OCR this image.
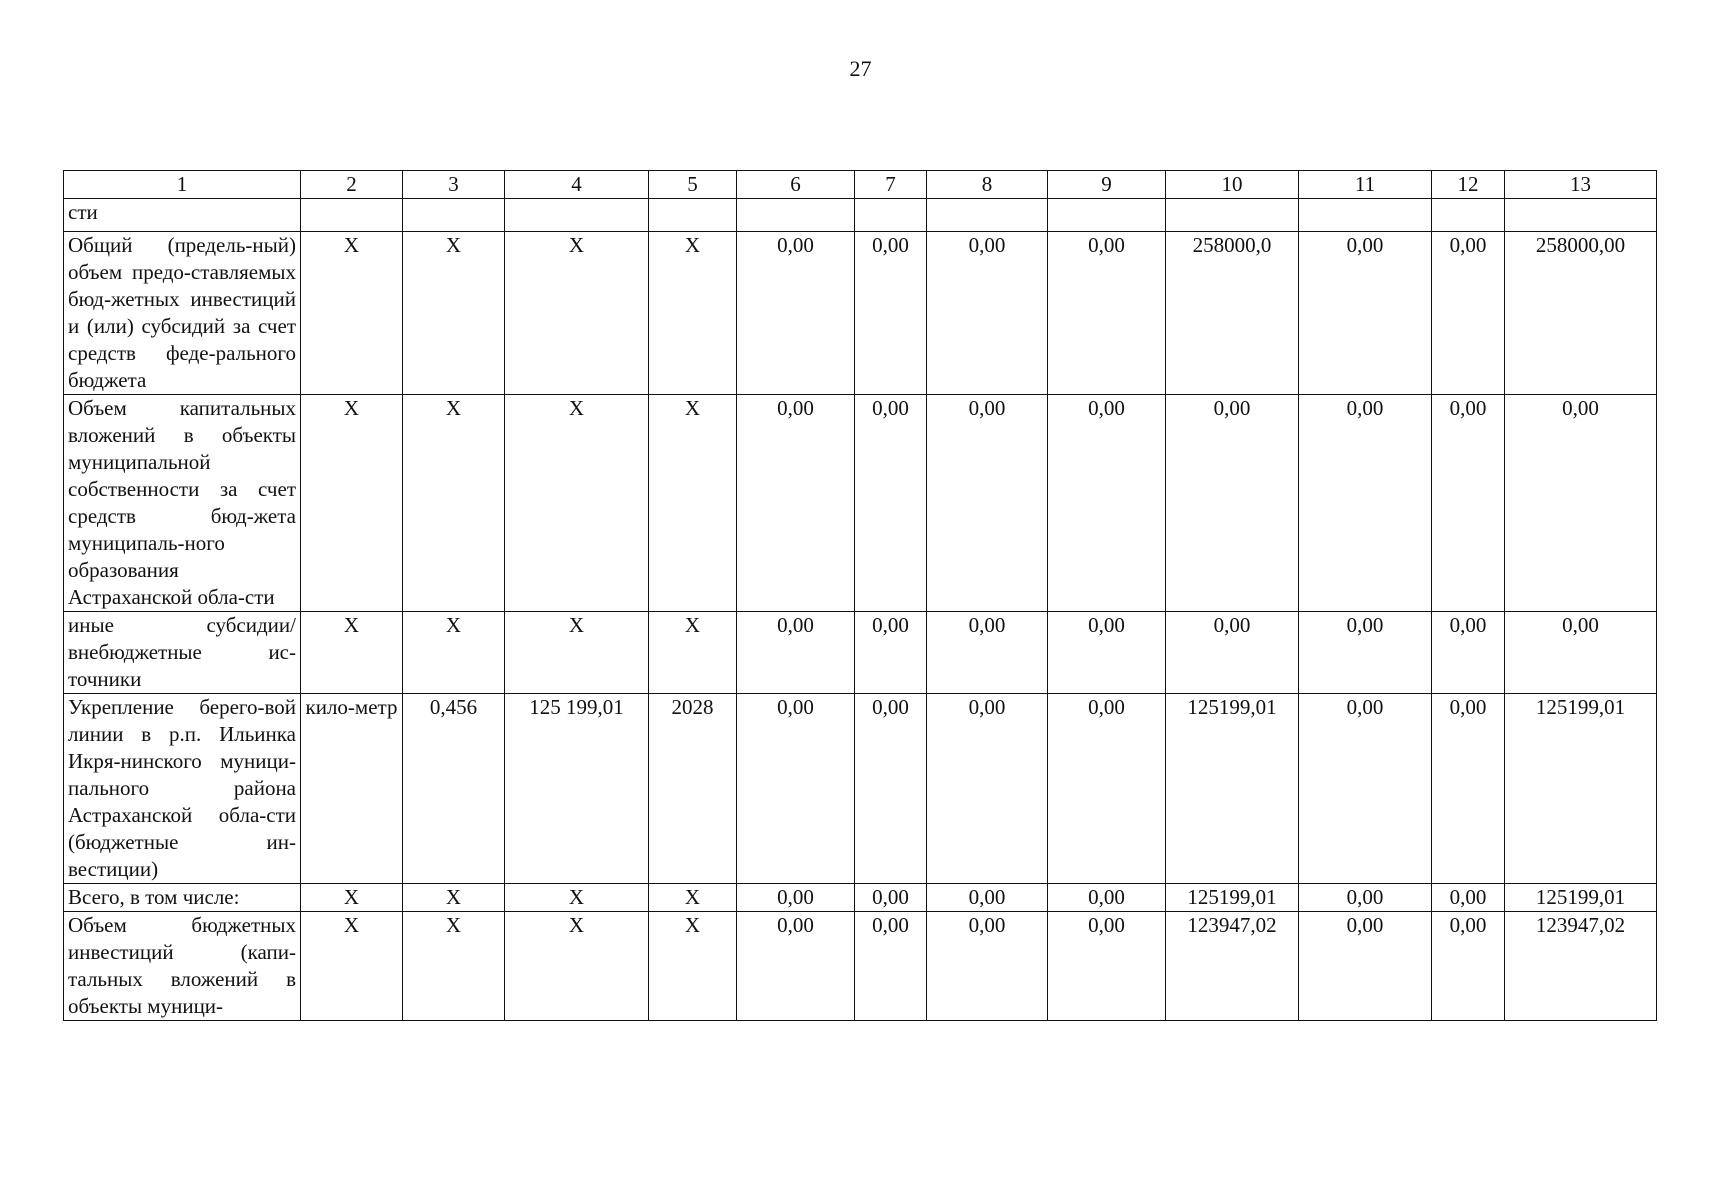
27
1	2	3	4	5	6	7	8	9	10	11	12	13
сти												
Общий (предель-ный) объем предо-ставляемых бюд-жетных инвестиций и (или) субсидий за счет средств феде-рального бюджета	X	X	X	X	0,00	0,00	0,00	0,00	258000,0	0,00	0,00	258000,00
Объем капитальных вложений в объекты муниципальной собственности за счет средств бюд-жета муниципаль-ного образования Астраханской обла-сти	X	X	X	X	0,00	0,00	0,00	0,00	0,00	0,00	0,00	0,00
иные субсидии/ внебюджетные ис-точники	X	X	X	X	0,00	0,00	0,00	0,00	0,00	0,00	0,00	0,00
Укрепление берего-вой линии в р.п. Ильинка Икря-нинского муници-пального района Астраханской обла-сти (бюджетные ин-вестиции)	кило-метр	0,456	125 199,01	2028	0,00	0,00	0,00	0,00	125199,01	0,00	0,00	125199,01
Всего, в том числе:	X	X	X	X	0,00	0,00	0,00	0,00	125199,01	0,00	0,00	125199,01
Объем бюджетных инвестиций (капи-тальных вложений в объекты муници-	X	X	X	X	0,00	0,00	0,00	0,00	123947,02	0,00	0,00	123947,02
